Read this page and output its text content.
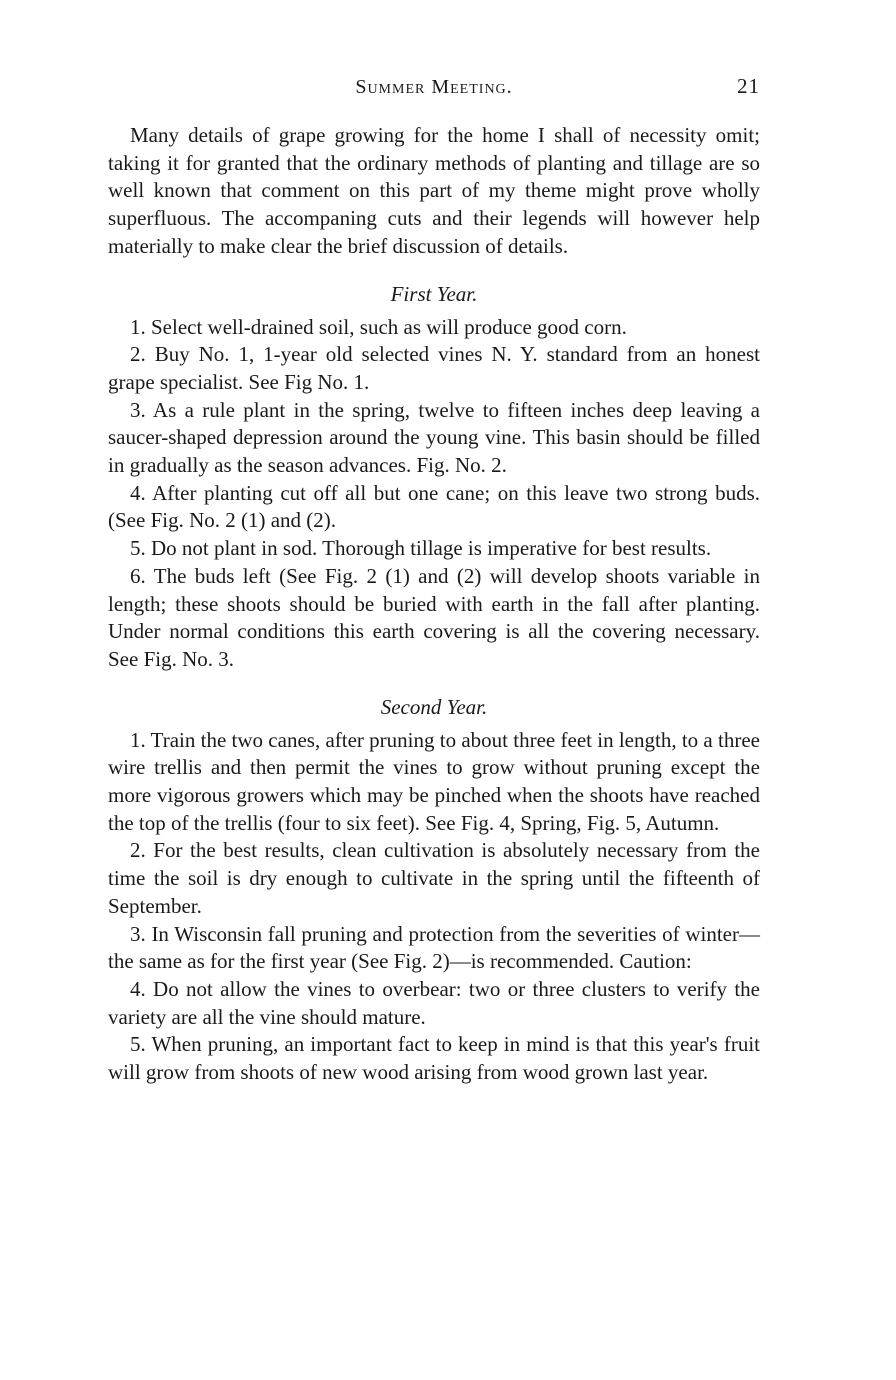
Summer Meeting.	21

Many details of grape growing for the home I shall of necessity omit; taking it for granted that the ordinary methods of planting and tillage are so well known that comment on this part of my theme might prove wholly superfluous. The accompaning cuts and their legends will however help materially to make clear the brief discussion of details.

First Year.

1. Select well-drained soil, such as will produce good corn.

2. Buy No. 1, 1-year old selected vines N. Y. standard from an honest grape specialist. See Fig No. 1.

3. As a rule plant in the spring, twelve to fifteen inches deep leaving a saucer-shaped depression around the young vine. This basin should be filled in gradually as the season advances. Fig. No. 2.

4. After planting cut off all but one cane; on this leave two strong buds. (See Fig. No. 2 (1) and (2).

5. Do not plant in sod. Thorough tillage is imperative for best results.

6. The buds left (See Fig. 2 (1) and (2) will develop shoots variable in length; these shoots should be buried with earth in the fall after planting. Under normal conditions this earth covering is all the covering necessary. See Fig. No. 3.

Second Year.

1. Train the two canes, after pruning to about three feet in length, to a three wire trellis and then permit the vines to grow without pruning except the more vigorous growers which may be pinched when the shoots have reached the top of the trellis (four to six feet). See Fig. 4, Spring, Fig. 5, Autumn.

2. For the best results, clean cultivation is absolutely necessary from the time the soil is dry enough to cultivate in the spring until the fifteenth of September.

3. In Wisconsin fall pruning and protection from the severities of winter—the same as for the first year (See Fig. 2)—is recommended. Caution:

4. Do not allow the vines to overbear: two or three clusters to verify the variety are all the vine should mature.

5. When pruning, an important fact to keep in mind is that this year's fruit will grow from shoots of new wood arising from wood grown last year.
